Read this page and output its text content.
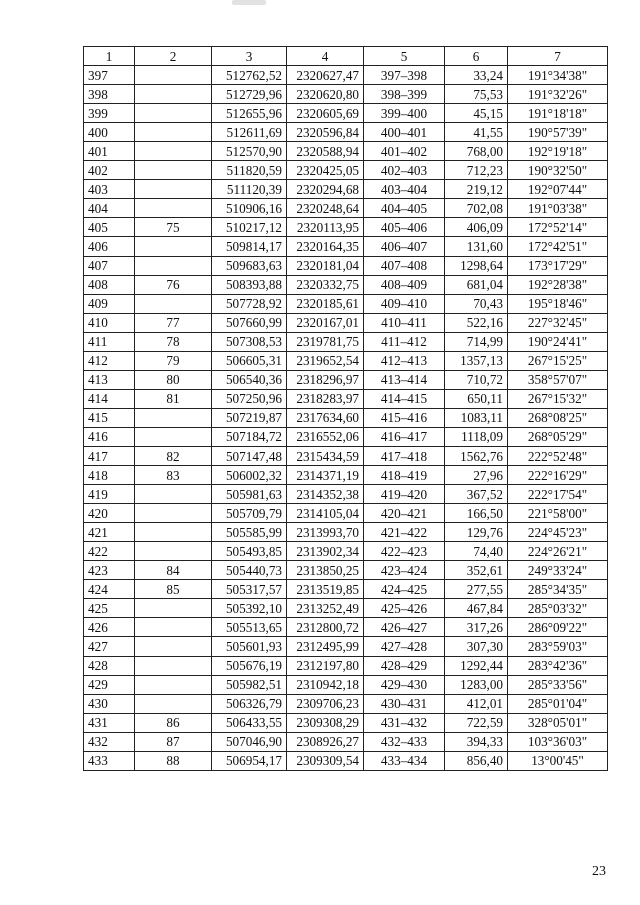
1	2	3	4	5	6	7
397		512762,52	2320627,47	397–398	33,24	191°34'38"
398		512729,96	2320620,80	398–399	75,53	191°32'26"
399		512655,96	2320605,69	399–400	45,15	191°18'18"
400		512611,69	2320596,84	400–401	41,55	190°57'39"
401		512570,90	2320588,94	401–402	768,00	192°19'18"
402		511820,59	2320425,05	402–403	712,23	190°32'50"
403		511120,39	2320294,68	403–404	219,12	192°07'44"
404		510906,16	2320248,64	404–405	702,08	191°03'38"
405	75	510217,12	2320113,95	405–406	406,09	172°52'14"
406		509814,17	2320164,35	406–407	131,60	172°42'51"
407		509683,63	2320181,04	407–408	1298,64	173°17'29"
408	76	508393,88	2320332,75	408–409	681,04	192°28'38"
409		507728,92	2320185,61	409–410	70,43	195°18'46"
410	77	507660,99	2320167,01	410–411	522,16	227°32'45"
411	78	507308,53	2319781,75	411–412	714,99	190°24'41"
412	79	506605,31	2319652,54	412–413	1357,13	267°15'25"
413	80	506540,36	2318296,97	413–414	710,72	358°57'07"
414	81	507250,96	2318283,97	414–415	650,11	267°15'32"
415		507219,87	2317634,60	415–416	1083,11	268°08'25"
416		507184,72	2316552,06	416–417	1118,09	268°05'29"
417	82	507147,48	2315434,59	417–418	1562,76	222°52'48"
418	83	506002,32	2314371,19	418–419	27,96	222°16'29"
419		505981,63	2314352,38	419–420	367,52	222°17'54"
420		505709,79	2314105,04	420–421	166,50	221°58'00"
421		505585,99	2313993,70	421–422	129,76	224°45'23"
422		505493,85	2313902,34	422–423	74,40	224°26'21"
423	84	505440,73	2313850,25	423–424	352,61	249°33'24"
424	85	505317,57	2313519,85	424–425	277,55	285°34'35"
425		505392,10	2313252,49	425–426	467,84	285°03'32"
426		505513,65	2312800,72	426–427	317,26	286°09'22"
427		505601,93	2312495,99	427–428	307,30	283°59'03"
428		505676,19	2312197,80	428–429	1292,44	283°42'36"
429		505982,51	2310942,18	429–430	1283,00	285°33'56"
430		506326,79	2309706,23	430–431	412,01	285°01'04"
431	86	506433,55	2309308,29	431–432	722,59	328°05'01"
432	87	507046,90	2308926,27	432–433	394,33	103°36'03"
433	88	506954,17	2309309,54	433–434	856,40	13°00'45"
23
